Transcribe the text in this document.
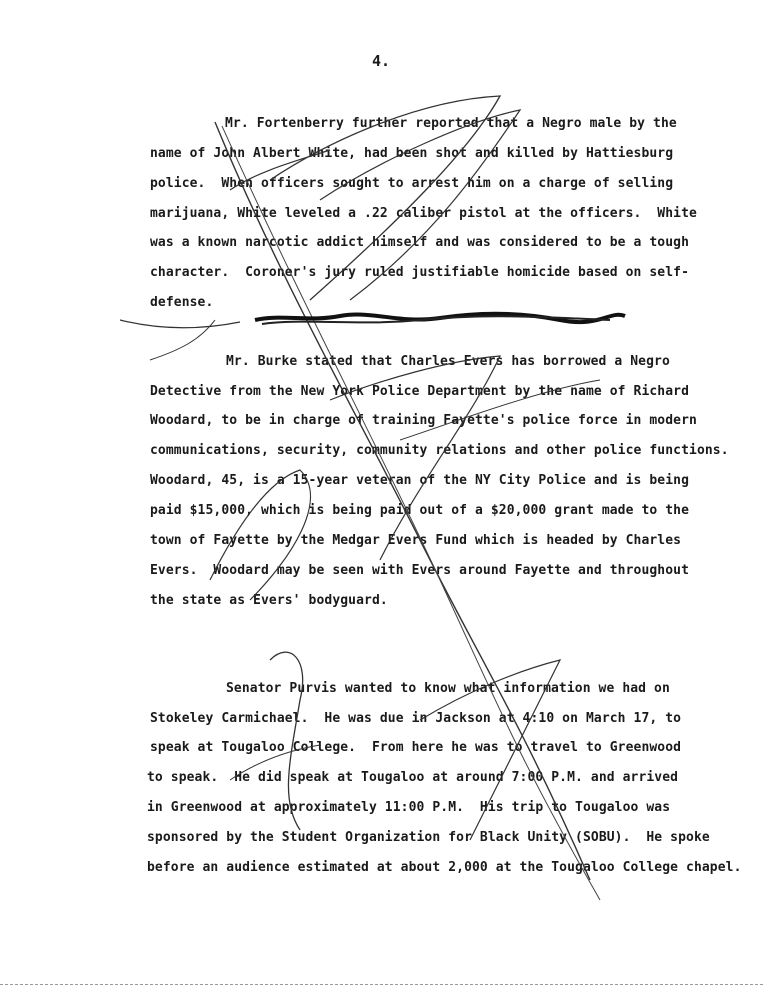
4.
Mr. Fortenberry further reported that a Negro male by the
name of John Albert White, had been shot and killed by Hattiesburg
police.  When officers sought to arrest him on a charge of selling
marijuana, White leveled a .22 caliber pistol at the officers.  White
was a known narcotic addict himself and was considered to be a tough
character.  Coroner's jury ruled justifiable homicide based on self-
defense.
Mr. Burke stated that Charles Evers has borrowed a Negro
Detective from the New York Police Department by the name of Richard
Woodard, to be in charge of training Fayette's police force in modern
communications, security, community relations and other police functions.
Woodard, 45, is a 15-year veteran of the NY City Police and is being
paid $15,000, which is being paid out of a $20,000 grant made to the
town of Fayette by the Medgar Evers Fund which is headed by Charles
Evers.  Woodard may be seen with Evers around Fayette and throughout
the state as Evers' bodyguard.
Senator Purvis wanted to know what information we had on
Stokeley Carmichael.  He was due in Jackson at 4:10 on March 17, to
speak at Tougaloo College.  From here he was to travel to Greenwood
to speak.  He did speak at Tougaloo at around 7:00 P.M. and arrived
in Greenwood at approximately 11:00 P.M.  His trip to Tougaloo was
sponsored by the Student Organization for Black Unity (SOBU).  He spoke
before an audience estimated at about 2,000 at the Tougaloo College chapel.
